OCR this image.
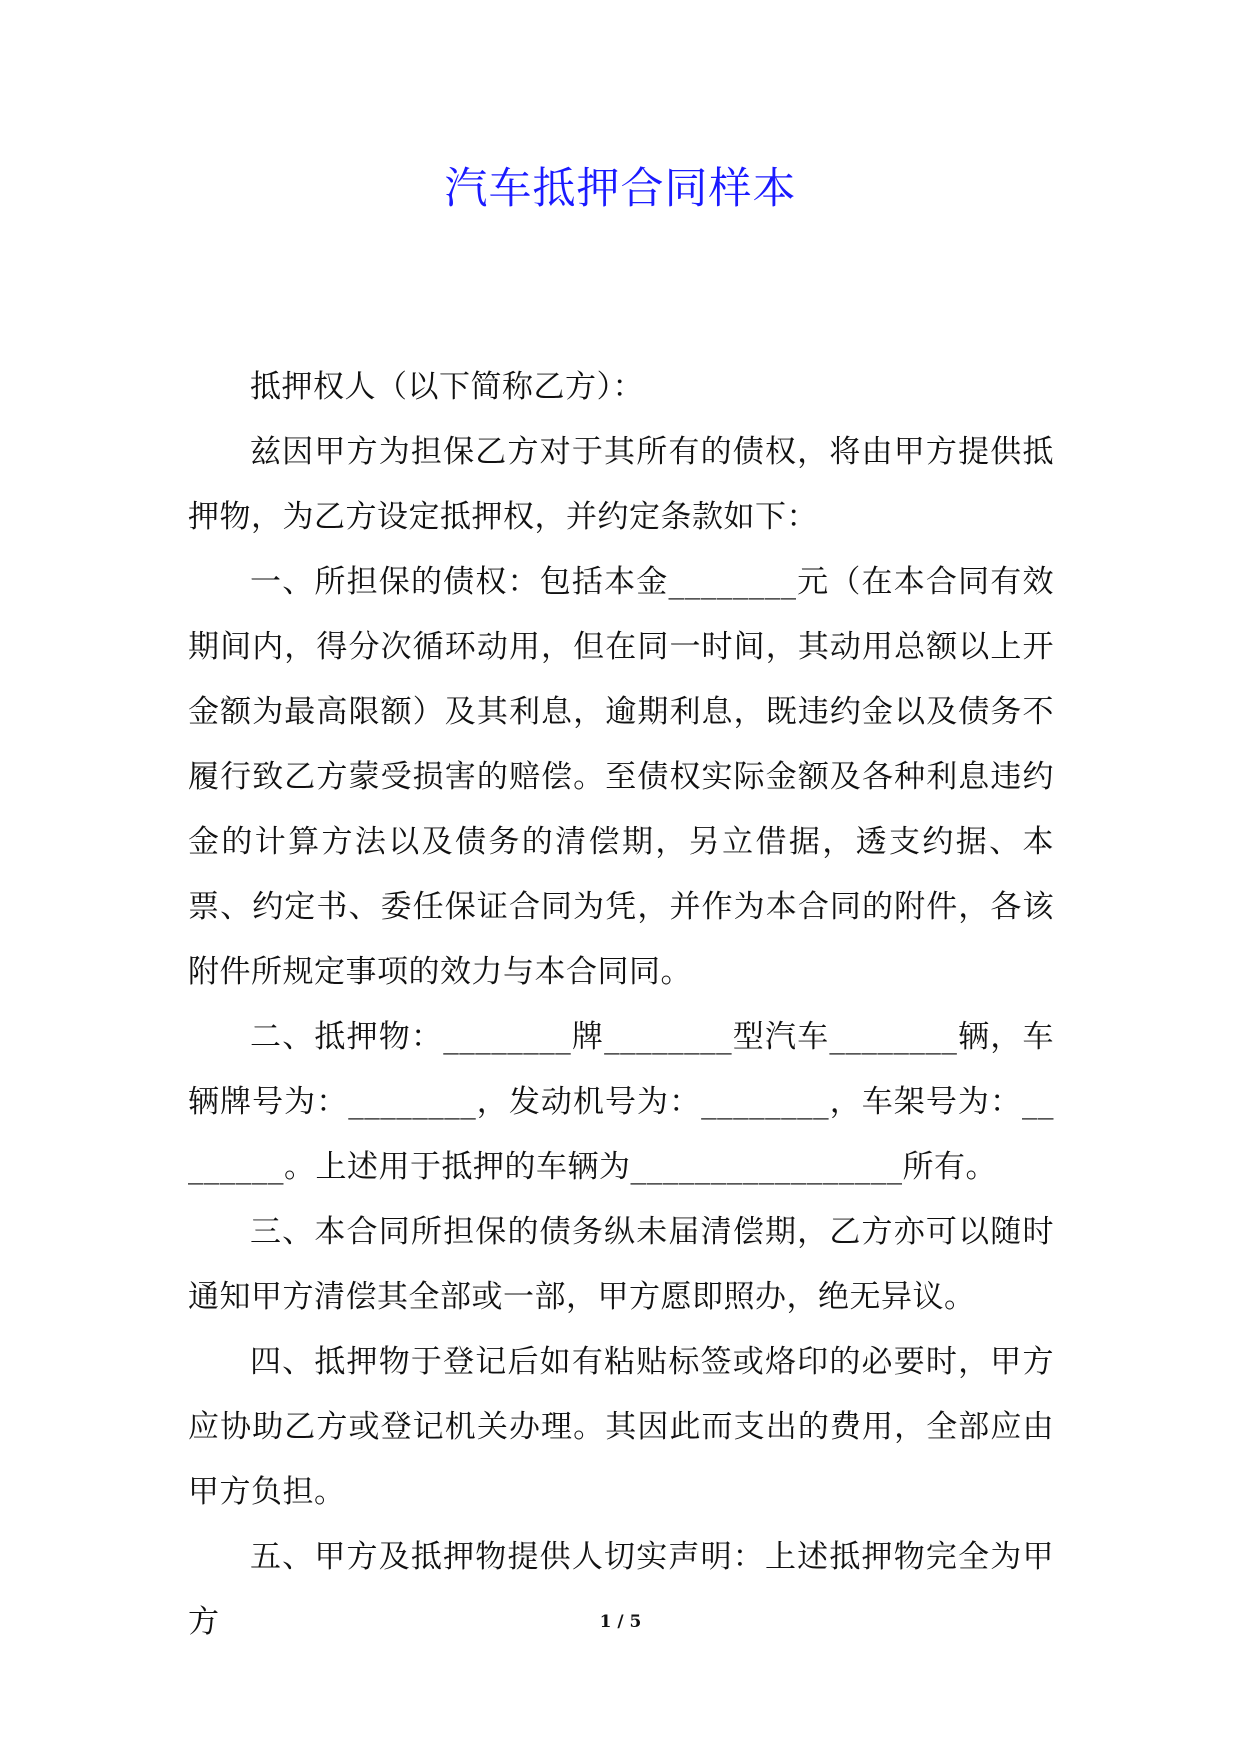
汽车抵押合同样本

抵押权人（以下简称乙方）：

兹因甲方为担保乙方对于其所有的债权，将由甲方提供抵押物，为乙方设定抵押权，并约定条款如下：

一、所担保的债权：包括本金________元（在本合同有效期间内，得分次循环动用，但在同一时间，其动用总额以上开金额为最高限额）及其利息，逾期利息，既违约金以及债务不履行致乙方蒙受损害的赔偿。至债权实际金额及各种利息违约金的计算方法以及债务的清偿期，另立借据，透支约据、本票、约定书、委任保证合同为凭，并作为本合同的附件，各该附件所规定事项的效力与本合同同。

二、抵押物：________牌________型汽车________辆，车辆牌号为：________，发动机号为：________，车架号为：________。上述用于抵押的车辆为_________________所有。

三、本合同所担保的债务纵未届清偿期，乙方亦可以随时通知甲方清偿其全部或一部，甲方愿即照办，绝无异议。

四、抵押物于登记后如有粘贴标签或烙印的必要时，甲方应协助乙方或登记机关办理。其因此而支出的费用，全部应由甲方负担。

五、甲方及抵押物提供人切实声明：上述抵押物完全为甲方	1 / 5
